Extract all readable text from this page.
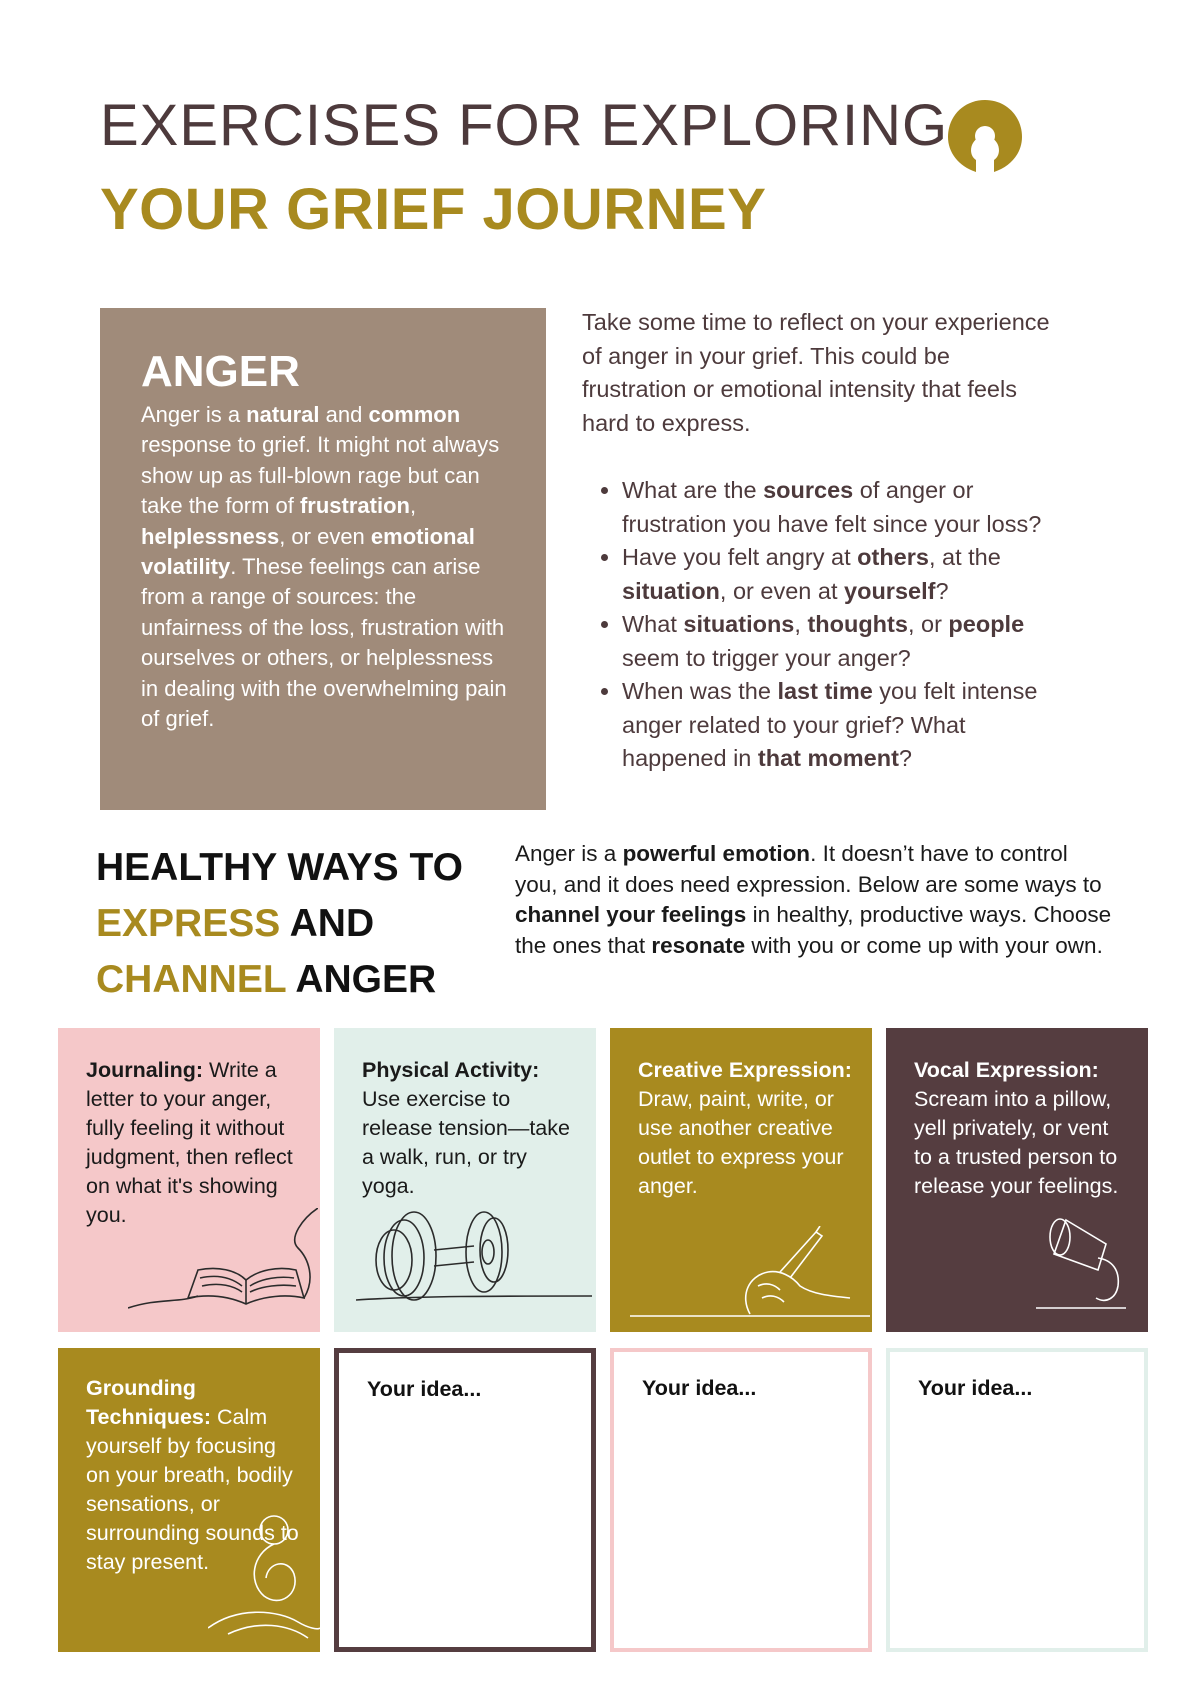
EXERCISES FOR EXPLORING
YOUR GRIEF JOURNEY
ANGER
Anger is a natural and common response to grief. It might not always show up as full-blown rage but can take the form of frustration, helplessness, or even emotional volatility. These feelings can arise from a range of sources: the unfairness of the loss, frustration with ourselves or others, or helplessness in dealing with the overwhelming pain of grief.
Take some time to reflect on your experience of anger in your grief. This could be frustration or emotional intensity that feels hard to express.
• What are the sources of anger or frustration you have felt since your loss?
• Have you felt angry at others, at the situation, or even at yourself?
• What situations, thoughts, or people seem to trigger your anger?
• When was the last time you felt intense anger related to your grief? What happened in that moment?
HEALTHY WAYS TO
EXPRESS AND
CHANNEL ANGER
Anger is a powerful emotion. It doesn’t have to control you, and it does need expression. Below are some ways to channel your feelings in healthy, productive ways. Choose the ones that resonate with you or come up with your own.
Journaling: Write a letter to your anger, fully feeling it without judgment, then reflect on what it's showing you.
Physical Activity: Use exercise to release tension—take a walk, run, or try yoga.
Creative Expression: Draw, paint, write, or use another creative outlet to express your anger.
Vocal Expression: Scream into a pillow, yell privately, or vent to a trusted person to release your feelings.
Grounding Techniques: Calm yourself by focusing on your breath, bodily sensations, or surrounding sounds to stay present.
Your idea...	Your idea...	Your idea...
